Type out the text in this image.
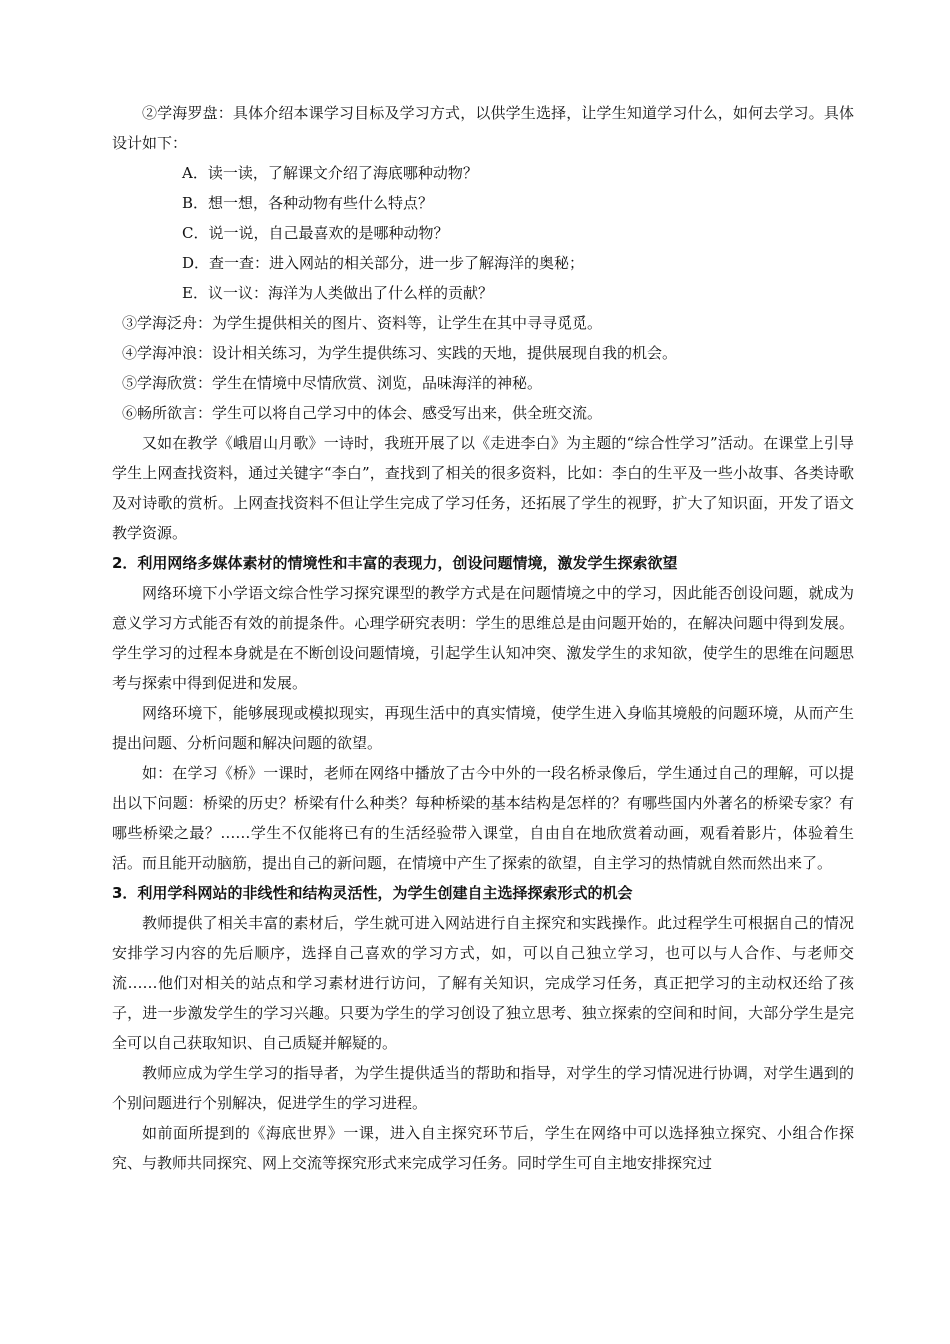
②学海罗盘：具体介绍本课学习目标及学习方式，以供学生选择，让学生知道学习什么，如何去学习。具体设计如下：

A．读一读，了解课文介绍了海底哪种动物？

B．想一想，各种动物有些什么特点？

C．说一说，自己最喜欢的是哪种动物？

D．查一查：进入网站的相关部分，进一步了解海洋的奥秘；

E．议一议：海洋为人类做出了什么样的贡献？

③学海泛舟：为学生提供相关的图片、资料等，让学生在其中寻寻觅觅。

④学海冲浪：设计相关练习，为学生提供练习、实践的天地，提供展现自我的机会。

⑤学海欣赏：学生在情境中尽情欣赏、浏览，品味海洋的神秘。

⑥畅所欲言：学生可以将自己学习中的体会、感受写出来，供全班交流。

又如在教学《峨眉山月歌》一诗时，我班开展了以《走进李白》为主题的“综合性学习”活动。在课堂上引导学生上网查找资料，通过关键字“李白”，查找到了相关的很多资料，比如：李白的生平及一些小故事、各类诗歌及对诗歌的赏析。上网查找资料不但让学生完成了学习任务，还拓展了学生的视野，扩大了知识面，开发了语文教学资源。

2．利用网络多媒体素材的情境性和丰富的表现力，创设问题情境，激发学生探索欲望

网络环境下小学语文综合性学习探究课型的教学方式是在问题情境之中的学习，因此能否创设问题，就成为意义学习方式能否有效的前提条件。心理学研究表明：学生的思维总是由问题开始的，在解决问题中得到发展。学生学习的过程本身就是在不断创设问题情境，引起学生认知冲突、激发学生的求知欲，使学生的思维在问题思考与探索中得到促进和发展。

网络环境下，能够展现或模拟现实，再现生活中的真实情境，使学生进入身临其境般的问题环境，从而产生提出问题、分析问题和解决问题的欲望。

如：在学习《桥》一课时，老师在网络中播放了古今中外的一段名桥录像后，学生通过自己的理解，可以提出以下问题：桥梁的历史？桥梁有什么种类？每种桥梁的基本结构是怎样的？有哪些国内外著名的桥梁专家？有哪些桥梁之最？……学生不仅能将已有的生活经验带入课堂，自由自在地欣赏着动画，观看着影片，体验着生活。而且能开动脑筋，提出自己的新问题，在情境中产生了探索的欲望，自主学习的热情就自然而然出来了。

3．利用学科网站的非线性和结构灵活性，为学生创建自主选择探索形式的机会

教师提供了相关丰富的素材后，学生就可进入网站进行自主探究和实践操作。此过程学生可根据自己的情况安排学习内容的先后顺序，选择自己喜欢的学习方式，如，可以自己独立学习，也可以与人合作、与老师交流……他们对相关的站点和学习素材进行访问，了解有关知识，完成学习任务，真正把学习的主动权还给了孩子，进一步激发学生的学习兴趣。只要为学生的学习创设了独立思考、独立探索的空间和时间，大部分学生是完全可以自己获取知识、自己质疑并解疑的。

教师应成为学生学习的指导者，为学生提供适当的帮助和指导，对学生的学习情况进行协调，对学生遇到的个别问题进行个别解决，促进学生的学习进程。

如前面所提到的《海底世界》一课，进入自主探究环节后，学生在网络中可以选择独立探究、小组合作探究、与教师共同探究、网上交流等探究形式来完成学习任务。同时学生可自主地安排探究过
